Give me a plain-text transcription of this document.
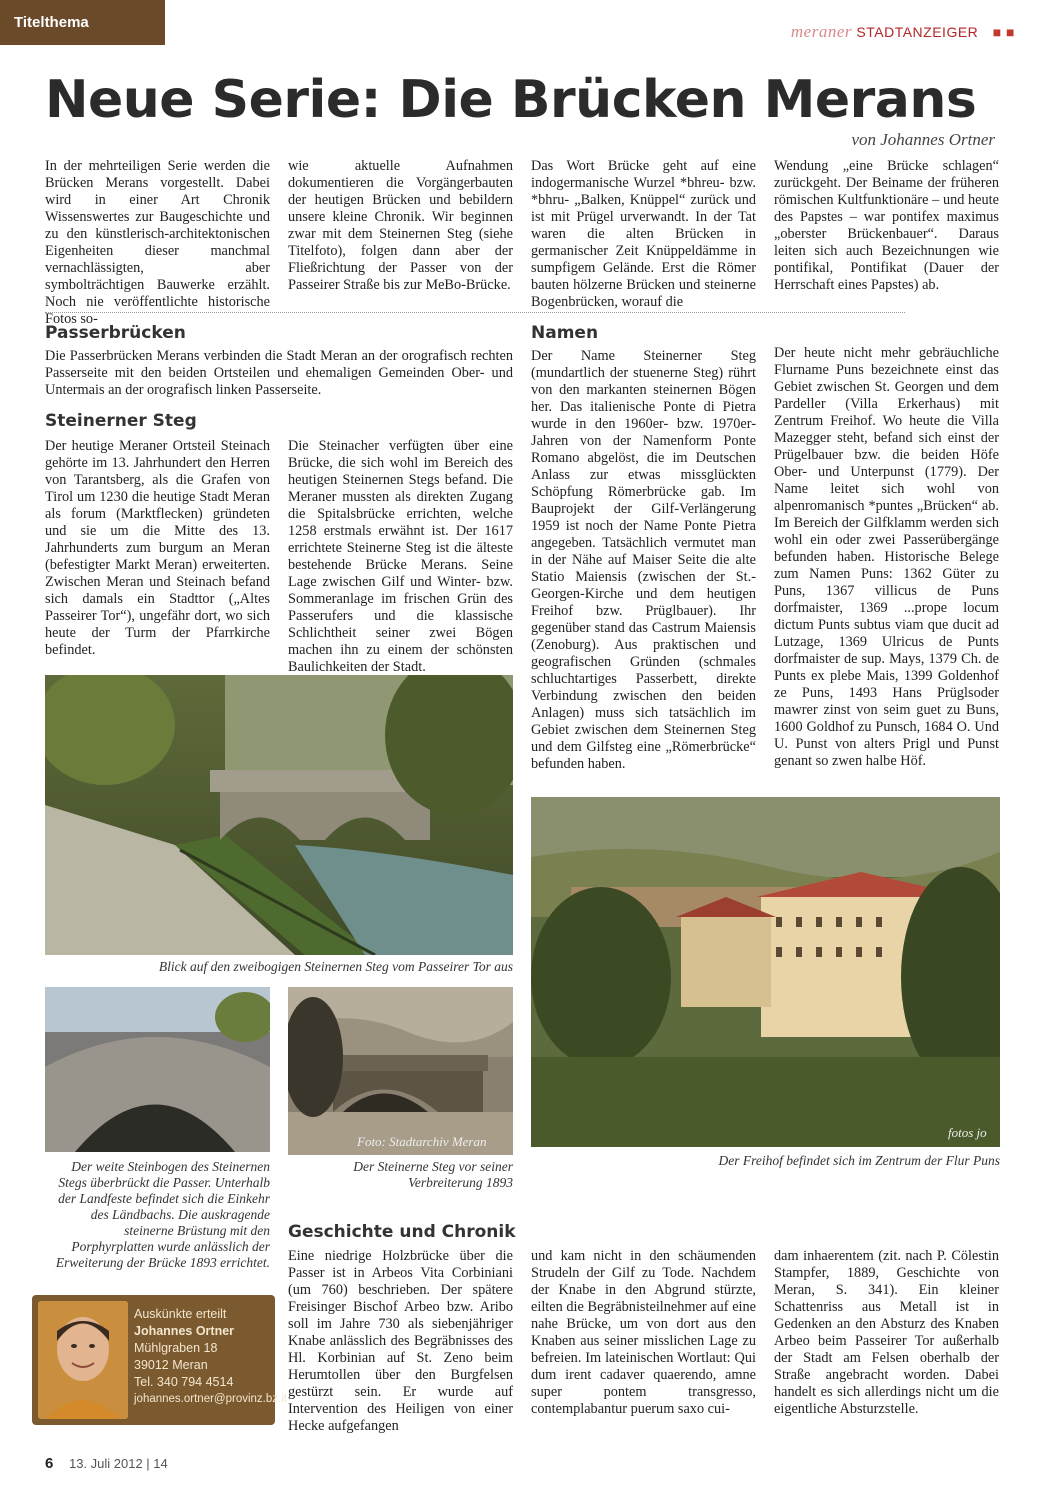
Titelthema	meraner STADTANZEIGER ■ ■
Neue Serie: Die Brücken Merans
von Johannes Ortner
In der mehrteiligen Serie werden die Brücken Merans vorgestellt. Dabei wird in einer Art Chronik Wissenswertes zur Baugeschichte und zu den künstlerisch-architektonischen Eigenheiten dieser manchmal vernachlässigten, aber symbolträchtigen Bauwerke erzählt. Noch nie veröffentlichte historische Fotos so-
wie aktuelle Aufnahmen dokumentieren die Vorgängerbauten der heutigen Brücken und bebildern unsere kleine Chronik. Wir beginnen zwar mit dem Steinernen Steg (siehe Titelfoto), folgen dann aber der Fließrichtung der Passer von der Passeirer Straße bis zur MeBo-Brücke.
Das Wort Brücke geht auf eine indogermanische Wurzel *bhreu- bzw. *bhru- „Balken, Knüppel“ zurück und ist mit Prügel urverwandt. In der Tat waren die alten Brücken in germanischer Zeit Knüppeldämme in sumpfigem Gelände. Erst die Römer bauten hölzerne Brücken und steinerne Bogenbrücken, worauf die
Wendung „eine Brücke schlagen“ zurückgeht. Der Beiname der früheren römischen Kultfunktionäre – und heute des Papstes – war pontifex maximus „oberster Brückenbauer“. Daraus leiten sich auch Bezeichnungen wie pontifikal, Pontifikat (Dauer der Herrschaft eines Papstes) ab.
Passerbrücken
Die Passerbrücken Merans verbinden die Stadt Meran an der orografisch rechten Passerseite mit den beiden Ortsteilen und ehemaligen Gemeinden Ober- und Untermais an der orografisch linken Passerseite.
Steinerner Steg
Der heutige Meraner Ortsteil Steinach gehörte im 13. Jahrhundert den Herren von Tarantsberg, als die Grafen von Tirol um 1230 die heutige Stadt Meran als forum (Marktflecken) gründeten und sie um die Mitte des 13. Jahrhunderts zum burgum an Meran (befestigter Markt Meran) erweiterten. Zwischen Meran und Steinach befand sich damals ein Stadttor („Altes Passeirer Tor“), ungefähr dort, wo sich heute der Turm der Pfarrkirche befindet.
Die Steinacher verfügten über eine Brücke, die sich wohl im Bereich des heutigen Steinernen Stegs befand. Die Meraner mussten als direkten Zugang die Spitalsbrücke errichten, welche 1258 erstmals erwähnt ist. Der 1617 errichtete Steinerne Steg ist die älteste bestehende Brücke Merans. Seine Lage zwischen Gilf und Winter- bzw. Sommeranlage im frischen Grün des Passerufers und die klassische Schlichtheit seiner zwei Bögen machen ihn zu einem der schönsten Baulichkeiten der Stadt.
Namen
Der Name Steinerner Steg (mundartlich der stuenerne Steg) rührt von den markanten steinernen Bögen her. Das italienische Ponte di Pietra wurde in den 1960er- bzw. 1970er-Jahren von der Namenform Ponte Romano abgelöst, die im Deutschen Anlass zur etwas missglückten Schöpfung Römerbrücke gab. Im Bauprojekt der Gilf-Verlängerung 1959 ist noch der Name Ponte Pietra angegeben. Tatsächlich vermutet man in der Nähe auf Maiser Seite die alte Statio Maiensis (zwischen der St.-Georgen-Kirche und dem heutigen Freihof bzw. Prüglbauer). Ihr gegenüber stand das Castrum Maiensis (Zenoburg). Aus praktischen und geografischen Gründen (schmales schluchtartiges Passerbett, direkte Verbindung zwischen den beiden Anlagen) muss sich tatsächlich im Gebiet zwischen dem Steinernen Steg und dem Gilfsteg eine „Römerbrücke“ befunden haben.
Der heute nicht mehr gebräuchliche Flurname Puns bezeichnete einst das Gebiet zwischen St. Georgen und dem Pardeller (Villa Erkerhaus) mit Zentrum Freihof. Wo heute die Villa Mazegger steht, befand sich einst der Prügelbauer bzw. die beiden Höfe Ober- und Unterpunst (1779). Der Name leitet sich wohl von alpenromanisch *puntes „Brücken“ ab. Im Bereich der Gilfklamm werden sich wohl ein oder zwei Passerübergänge befunden haben. Historische Belege zum Namen Puns: 1362 Güter zu Puns, 1367 villicus de Puns dorfmaister, 1369 ...prope locum dictum Punts subtus viam que ducit ad Lutzage, 1369 Ulricus de Punts dorfmaister de sup. Mays, 1379 Ch. de Punts ex plebe Mais, 1399 Goldenhof ze Puns, 1493 Hans Prüglsoder mawrer zinst von seim guet zu Buns, 1600 Goldhof zu Punsch, 1684 O. Und U. Punst von alters Prigl und Punst genant so zwen halbe Höf.
Blick auf den zweibogigen Steinernen Steg vom Passeirer Tor aus
Der weite Steinbogen des Steinernen Stegs überbrückt die Passer. Unterhalb der Landfeste befindet sich die Einkehr des Ländbachs. Die auskragende steinerne Brüstung mit den Porphyrplatten wurde anlässlich der Erweiterung der Brücke 1893 errichtet.
Foto: Stadtarchiv Meran
Der Steinerne Steg vor seiner Verbreiterung 1893
fotos jo
Der Freihof befindet sich im Zentrum der Flur Puns
Geschichte und Chronik
Eine niedrige Holzbrücke über die Passer ist in Arbeos Vita Corbiniani (um 760) beschrieben. Der spätere Freisinger Bischof Arbeo bzw. Aribo soll im Jahre 730 als siebenjähriger Knabe anlässlich des Begräbnisses des Hl. Korbinian auf St. Zeno beim Herumtollen über den Burgfelsen gestürzt sein. Er wurde auf Intervention des Heiligen von einer Hecke aufgefangen
und kam nicht in den schäumenden Strudeln der Gilf zu Tode. Nachdem der Knabe in den Abgrund stürzte, eilten die Begräbnisteilnehmer auf eine nahe Brücke, um von dort aus den Knaben aus seiner misslichen Lage zu befreien. Im lateinischen Wortlaut: Qui dum irent cadaver quaerendo, amne super pontem transgresso, contemplabantur puerum saxo cui-
dam inhaerentem (zit. nach P. Cölestin Stampfer, 1889, Geschichte von Meran, S. 341). Ein kleiner Schattenriss aus Metall ist in Gedenken an den Absturz des Knaben Arbeo beim Passeirer Tor außerhalb der Stadt am Felsen oberhalb der Straße angebracht worden. Dabei handelt es sich allerdings nicht um die eigentliche Absturzstelle.
Auskünkte erteilt
Johannes Ortner
Mühlgraben 18
39012 Meran
Tel. 340 794 4514
johannes.ortner@provinz.bz.it
6 13. Juli 2012 | 14
